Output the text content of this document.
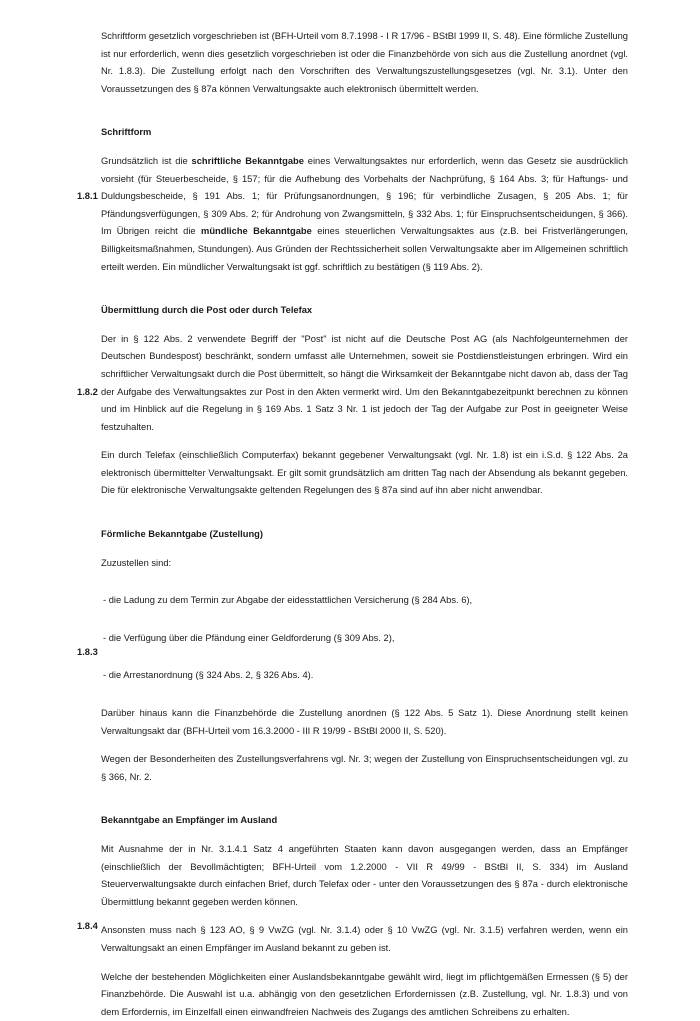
Schriftform gesetzlich vorgeschrieben ist (BFH-Urteil vom 8.7.1998 - I R 17/96 - BStBl 1999 II, S. 48). Eine förmliche Zustellung ist nur erforderlich, wenn dies gesetzlich vorgeschrieben ist oder die Finanzbehörde von sich aus die Zustellung anordnet (vgl. Nr. 1.8.3). Die Zustellung erfolgt nach den Vorschriften des Verwaltungszustellungsgesetzes (vgl. Nr. 3.1). Unter den Voraussetzungen des § 87a können Verwaltungsakte auch elektronisch übermittelt werden.

Schriftform

1.8.1

Grundsätzlich ist die schriftliche Bekanntgabe eines Verwaltungsaktes nur erforderlich, wenn das Gesetz sie ausdrücklich vorsieht (für Steuerbescheide, § 157; für die Aufhebung des Vorbehalts der Nachprüfung, § 164 Abs. 3; für Haftungs- und Duldungsbescheide, § 191 Abs. 1; für Prüfungsanordnungen, § 196; für verbindliche Zusagen, § 205 Abs. 1; für Pfändungsverfügungen, § 309 Abs. 2; für Androhung von Zwangsmitteln, § 332 Abs. 1; für Einspruchsentscheidungen, § 366). Im Übrigen reicht die mündliche Bekanntgabe eines steuerlichen Verwaltungsaktes aus (z.B. bei Fristverlängerungen, Billigkeitsmaßnahmen, Stundungen). Aus Gründen der Rechtssicherheit sollen Verwaltungsakte aber im Allgemeinen schriftlich erteilt werden. Ein mündlicher Verwaltungsakt ist ggf. schriftlich zu bestätigen (§ 119 Abs. 2).

Übermittlung durch die Post oder durch Telefax

1.8.2

Der in § 122 Abs. 2 verwendete Begriff der "Post" ist nicht auf die Deutsche Post AG (als Nachfolgeunternehmen der Deutschen Bundespost) beschränkt, sondern umfasst alle Unternehmen, soweit sie Postdienstleistungen erbringen. Wird ein schriftlicher Verwaltungsakt durch die Post übermittelt, so hängt die Wirksamkeit der Bekanntgabe nicht davon ab, dass der Tag der Aufgabe des Verwaltungsaktes zur Post in den Akten vermerkt wird. Um den Bekanntgabezeitpunkt berechnen zu können und im Hinblick auf die Regelung in § 169 Abs. 1 Satz 3 Nr. 1 ist jedoch der Tag der Aufgabe zur Post in geeigneter Weise festzuhalten.

Ein durch Telefax (einschließlich Computerfax) bekannt gegebener Verwaltungsakt (vgl. Nr. 1.8) ist ein i.S.d. § 122 Abs. 2a elektronisch übermittelter Verwaltungsakt. Er gilt somit grundsätzlich am dritten Tag nach der Absendung als bekannt gegeben. Die für elektronische Verwaltungsakte geltenden Regelungen des § 87a sind auf ihn aber nicht anwendbar.

Förmliche Bekanntgabe (Zustellung)

Zuzustellen sind:

1.8.3

- die Ladung zu dem Termin zur Abgabe der eidesstattlichen Versicherung (§ 284 Abs. 6),

- die Verfügung über die Pfändung einer Geldforderung (§ 309 Abs. 2),

- die Arrestanordnung (§ 324 Abs. 2, § 326 Abs. 4).

Darüber hinaus kann die Finanzbehörde die Zustellung anordnen (§ 122 Abs. 5 Satz 1). Diese Anordnung stellt keinen Verwaltungsakt dar (BFH-Urteil vom 16.3.2000 - III R 19/99 - BStBl 2000 II, S. 520).

Wegen der Besonderheiten des Zustellungsverfahrens vgl. Nr. 3; wegen der Zustellung von Einspruchsentscheidungen vgl. zu § 366, Nr. 2.

Bekanntgabe an Empfänger im Ausland

Mit Ausnahme der in Nr. 3.1.4.1 Satz 4 angeführten Staaten kann davon ausgegangen werden, dass an Empfänger (einschließlich der Bevollmächtigten; BFH-Urteil vom 1.2.2000 - VII R 49/99 - BStBl II, S. 334) im Ausland Steuerverwaltungsakte durch einfachen Brief, durch Telefax oder - unter den Voraussetzungen des § 87a - durch elektronische Übermittlung bekannt gegeben werden können.

1.8.4 Ansonsten muss nach § 123 AO, § 9 VwZG (vgl. Nr. 3.1.4) oder § 10 VwZG (vgl. Nr. 3.1.5) verfahren werden, wenn ein Verwaltungsakt an einen Empfänger im Ausland bekannt zu geben ist.

Welche der bestehenden Möglichkeiten einer Auslandsbekanntgabe gewählt wird, liegt im pflichtgemäßen Ermessen (§ 5) der Finanzbehörde. Die Auswahl ist u.a. abhängig von den gesetzlichen Erfordernissen (z.B. Zustellung, vgl. Nr. 1.8.3) und von dem Erfordernis, im Einzelfall einen einwandfreien Nachweis des Zugangs des amtlichen Schreibens zu erhalten.
